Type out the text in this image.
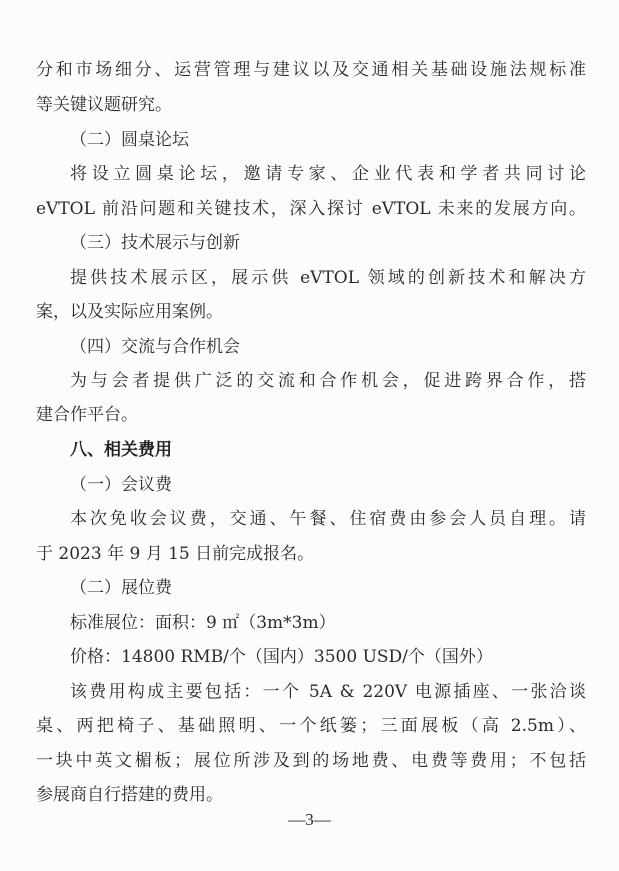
分和市场细分、运营管理与建议以及交通相关基础设施法规标准
等关键议题研究。
（二）圆桌论坛
将设立圆桌论坛，邀请专家、企业代表和学者共同讨论
eVTOL 前沿问题和关键技术，深入探讨 eVTOL 未来的发展方向。
（三）技术展示与创新
提供技术展示区，展示供 eVTOL 领域的创新技术和解决方
案，以及实际应用案例。
（四）交流与合作机会
为与会者提供广泛的交流和合作机会，促进跨界合作，搭
建合作平台。
八、相关费用
（一）会议费
本次免收会议费，交通、午餐、住宿费由参会人员自理。请
于 2023 年 9 月 15 日前完成报名。
（二）展位费
标准展位：面积：9 ㎡（3m*3m）
价格：14800 RMB/个（国内）3500 USD/个（国外）
该费用构成主要包括：一个 5A & 220V 电源插座、一张洽谈
桌、两把椅子、基础照明、一个纸篓；三面展板（高 2.5m）、
一块中英文楣板；展位所涉及到的场地费、电费等费用；不包括
参展商自行搭建的费用。
—3—
